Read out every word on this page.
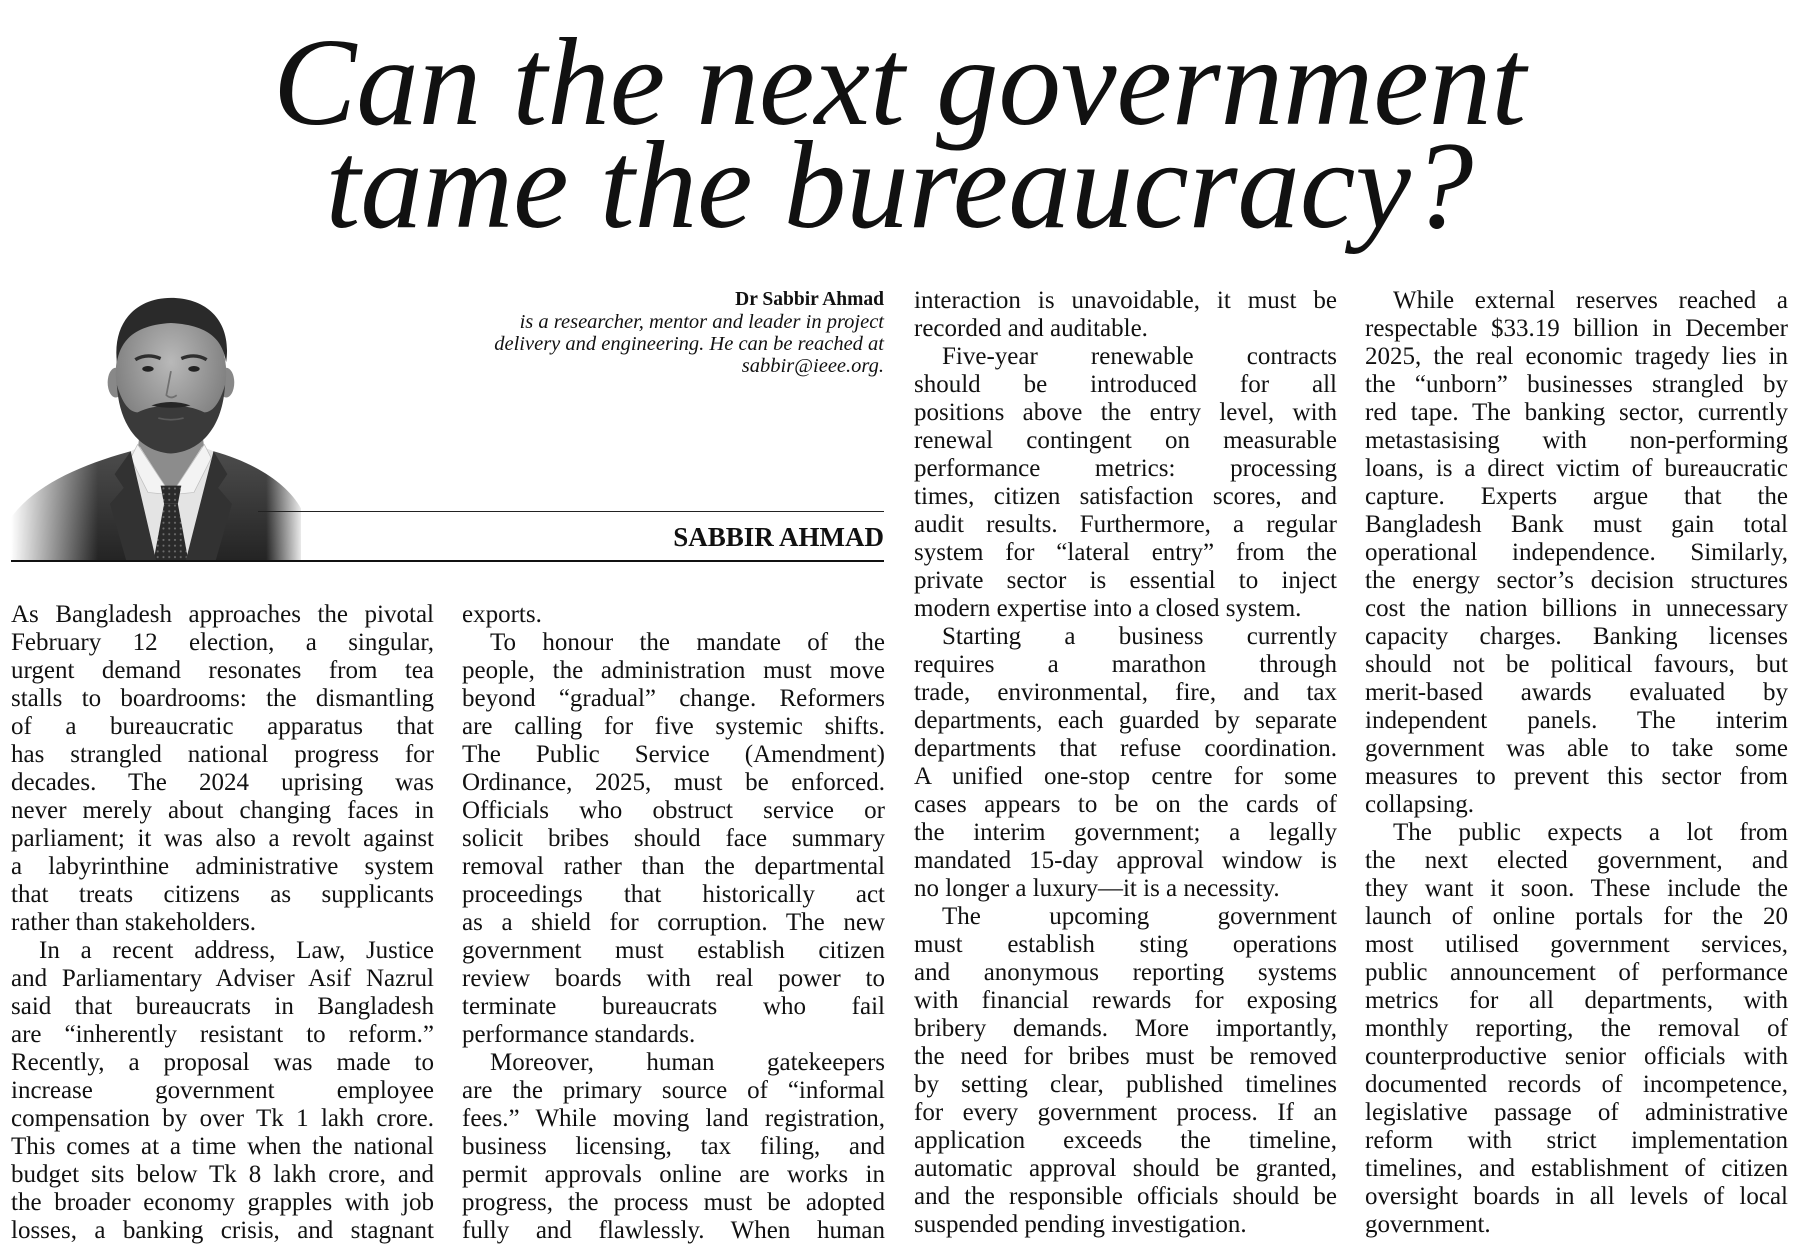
Can the next government
tame the bureaucracy?
Dr Sabbir Ahmad
is a researcher, mentor and leader in project
delivery and engineering. He can be reached at
sabbir@ieee.org.
SABBIR AHMAD
As Bangladesh approaches the pivotal
February 12 election, a singular,
urgent demand resonates from tea
stalls to boardrooms: the dismantling
of a bureaucratic apparatus that
has strangled national progress for
decades. The 2024 uprising was
never merely about changing faces in
parliament; it was also a revolt against
a labyrinthine administrative system
that treats citizens as supplicants
rather than stakeholders.
In a recent address, Law, Justice
and Parliamentary Adviser Asif Nazrul
said that bureaucrats in Bangladesh
are “inherently resistant to reform.”
Recently, a proposal was made to
increase government employee
compensation by over Tk 1 lakh crore.
This comes at a time when the national
budget sits below Tk 8 lakh crore, and
the broader economy grapples with job
losses, a banking crisis, and stagnant
exports.
To honour the mandate of the
people, the administration must move
beyond “gradual” change. Reformers
are calling for five systemic shifts.
The Public Service (Amendment)
Ordinance, 2025, must be enforced.
Officials who obstruct service or
solicit bribes should face summary
removal rather than the departmental
proceedings that historically act
as a shield for corruption. The new
government must establish citizen
review boards with real power to
terminate bureaucrats who fail
performance standards.
Moreover, human gatekeepers
are the primary source of “informal
fees.” While moving land registration,
business licensing, tax filing, and
permit approvals online are works in
progress, the process must be adopted
fully and flawlessly. When human
interaction is unavoidable, it must be
recorded and auditable.
Five-year renewable contracts
should be introduced for all
positions above the entry level, with
renewal contingent on measurable
performance metrics: processing
times, citizen satisfaction scores, and
audit results. Furthermore, a regular
system for “lateral entry” from the
private sector is essential to inject
modern expertise into a closed system.
Starting a business currently
requires a marathon through
trade, environmental, fire, and tax
departments, each guarded by separate
departments that refuse coordination.
A unified one-stop centre for some
cases appears to be on the cards of
the interim government; a legally
mandated 15-day approval window is
no longer a luxury—it is a necessity.
The upcoming government
must establish sting operations
and anonymous reporting systems
with financial rewards for exposing
bribery demands. More importantly,
the need for bribes must be removed
by setting clear, published timelines
for every government process. If an
application exceeds the timeline,
automatic approval should be granted,
and the responsible officials should be
suspended pending investigation.
While external reserves reached a
respectable $33.19 billion in December
2025, the real economic tragedy lies in
the “unborn” businesses strangled by
red tape. The banking sector, currently
metastasising with non-performing
loans, is a direct victim of bureaucratic
capture. Experts argue that the
Bangladesh Bank must gain total
operational independence. Similarly,
the energy sector’s decision structures
cost the nation billions in unnecessary
capacity charges. Banking licenses
should not be political favours, but
merit-based awards evaluated by
independent panels. The interim
government was able to take some
measures to prevent this sector from
collapsing.
The public expects a lot from
the next elected government, and
they want it soon. These include the
launch of online portals for the 20
most utilised government services,
public announcement of performance
metrics for all departments, with
monthly reporting, the removal of
counterproductive senior officials with
documented records of incompetence,
legislative passage of administrative
reform with strict implementation
timelines, and establishment of citizen
oversight boards in all levels of local
government.
